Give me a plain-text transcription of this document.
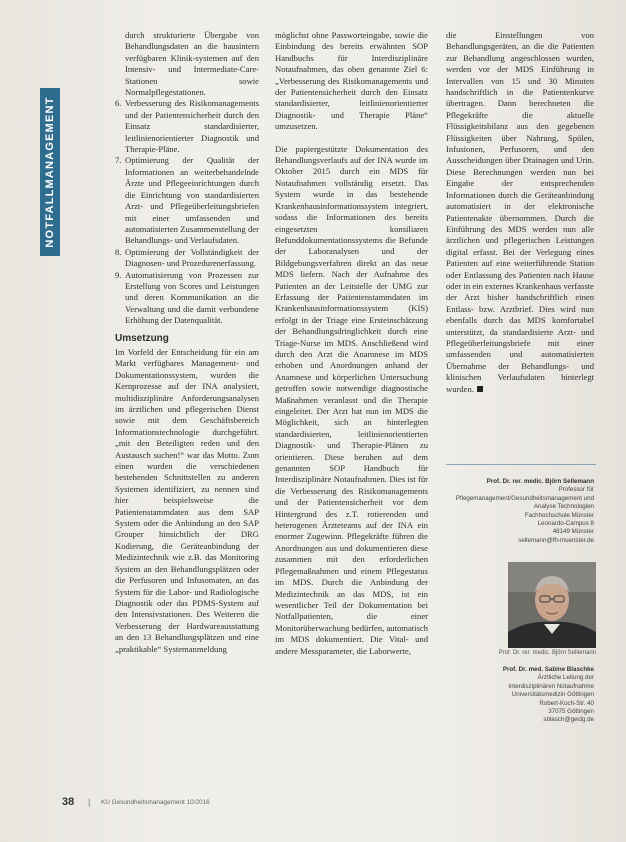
NOTFALLMANAGEMENT

durch strukturierte Übergabe von Behandlungsdaten an die hausintern verfügbaren Klinik-systemen auf den Intensiv- und Intermediate-Care-Stationen sowie Normalpflegestationen.

6. Verbesserung des Risikomanagements und der Patientensicherheit durch den Einsatz standardisierter, leitlinienorientierter Diagnostik und Therapie-Pläne.
7. Optimierung der Qualität der Informationen an weiterbehandelnde Ärzte und Pflegeeinrichtungen durch die Einrichtung von standardisierten Arzt- und Pflegeüberleitungsbriefen mit einer umfassenden und automatisierten Zusammenstellung der Behandlungs- und Verlaufsdaten.
8. Optimierung der Vollständigkeit der Diagnosen- und Prozedurenerfassung.
9. Automatisierung von Prozessen zur Erstellung von Scores und Leistungen und deren Kommunikation an die Verwaltung und die damit verbundene Erhöhung der Datenqualität.
Umsetzung

Im Vorfeld der Entscheidung für ein am Markt verfügbares Management- und Dokumentationssystem, wurden die Kernprozesse auf der INA analysiert, multidisziplinäre Anforderungsanalysen im ärztlichen und pflegerischen Dienst sowie mit dem Geschäftsbereich Informationstechnologie durchgeführt. „mit den Beteiligten reden und den Austausch suchen!“ war das Motto. Zum einen wurden die verschiedenen bestehenden Schnittstellen zu anderen Systemen identifiziert, zu nennen sind hier beispielsweise die Patientenstammdaten aus dem SAP System oder die Anbindung an den SAP Grouper hinsichtlich der DRG Kodierung, die Geräteanbindung der Medizintechnik wie z.B. das Monitoring System an den Behandlungsplätzen oder die Perfusoren und Infusomaten, an das System für die Labor- und Radiologische Diagnostik oder das PDMS-System auf den Intensivstationen. Des Weiteren die Verbesserung der Hardwareausstattung an den 13 Behandlungsplätzen und eine „praktikable“ Systemanmeldung

möglichst ohne Passworteingabe, sowie die Einbindung des bereits erwähnten SOP Handbuchs für Interdisziplinäre Notaufnahmen, das oben genannte Ziel 6: „Verbesserung des Risikomanagements und der Patientensicherheit durch den Einsatz standardisierter, leitlinienorientierter Diagnostik- und Therapie Pläne“ umzusetzen.

Die papiergestützte Dokumentation des Behandlungsverlaufs auf der INA wurde im Oktober 2015 durch ein MDS für Notaufnahmen vollständig ersetzt. Das System wurde in das bestehende Krankenhausinformationssystem integriert, sodass die Informationen des bereits eingesetzten konsiliaren Befunddokumentationssystems die Befunde der Laboranalysen und der Bildgebungsverfahren direkt an das neue MDS liefern. Nach der Aufnahme des Patienten an der Leitstelle der UMG zur Erfassung der Patientenstammdaten im Krankenhausinformationssystem (KIS) erfolgt in der Triage eine Ersteinschätzung der Behandlungsdringlichkeit durch eine Triage-Nurse im MDS. Anschließend wird durch den Arzt die Anamnese im MDS erhoben und Anordnungen anhand der Anamnese und körperlichen Untersuchung getroffen sowie notwendige diagnostische Maßnahmen veranlasst und die Therapie eingeleitet. Der Arzt hat nun im MDS die Möglichkeit, sich an hinterlegten standardisierten, leitlinienorientierten Diagnostik- und Therapie-Plänen zu orientieren. Diese beruhen auf dem genannten SOP Handbuch für Interdisziplinäre Notaufnahmen. Dies ist für die Verbesserung des Risikomanagements und der Patientensicherheit vor dem Hintergrund des z.T. rotierenden und heterogenen Ärzteteams auf der INA ein enormer Zugewinn. Pflegekräfte führen die Anordnungen aus und dokumentieren diese zusammen mit den erforderlichen Pflegemaßnahmen und einem Pflegestatus im MDS. Durch die Anbindung der Medizintechnik an das MDS, ist ein wesentlicher Teil der Dokumentation bei Notfallpatienten, die einer Monitorüberwachung bedürfen, automatisch im MDS dokumentiert. Die Vital- und andere Messparameter, die Laborwerte,

die Einstellungen von Behandlungsgeräten, an die die Patienten zur Behandlung angeschlossen wurden, werden vor der MDS Einführung in Intervallen von 15 und 30 Minuten handschriftlich in die Patientenkurve übertragen. Dann berechneten die Pflegekräfte die aktuelle Flüssigkeitsbilanz aus den gegebenen Flüssigkeiten über Nahrung, Spülen, Infusionen, Perfusoren, und den Ausscheidungen über Drainagen und Urin. Diese Berechnungen werden nun bei Eingabe der entsprechenden Informationen durch die Geräteanbindung automatisiert in der elektronische Patientenakte übernommen. Durch die Einführung des MDS werden nun alle ärztlichen und pflegerischen Leistungen digital erfasst. Bei der Verlegung eines Patienten auf eine weiterführende Station oder Entlassung des Patienten nach Hause oder in ein externes Krankenhaus verfasste der Arzt bisher handschriftlich einen Entlass- bzw. Arztbrief. Dies wird nun ebenfalls durch das MDS komfortabel unterstützt, da standardisierte Arzt- und Pflegeüberleitungsbriefe mit einer umfassenden und automatisierten Übernahme der Behandlungs- und klinischen Verlaufsdaten hinterlegt wurden.

Prof. Dr. rer. medic. Björn Sellemann
Professor für Pflegemanagement/Gesundheitsmanagement und Analyse Technologien
Fachhochschule Münster
Leonardo-Campus 8
48149 Münster
sellemann@fh-muenster.de
Prof. Dr. rer. medic. Björn Sellemann
Prof. Dr. med. Sabine Blaschke
Ärztliche Leitung der
Interdisziplinären Notaufnahme
Universitätsmedizin Göttingen
Robert-Koch-Str. 40
37075 Göttingen
sblasch@gwdg.de
38 | KU Gesundheitsmanagement 10/2016
